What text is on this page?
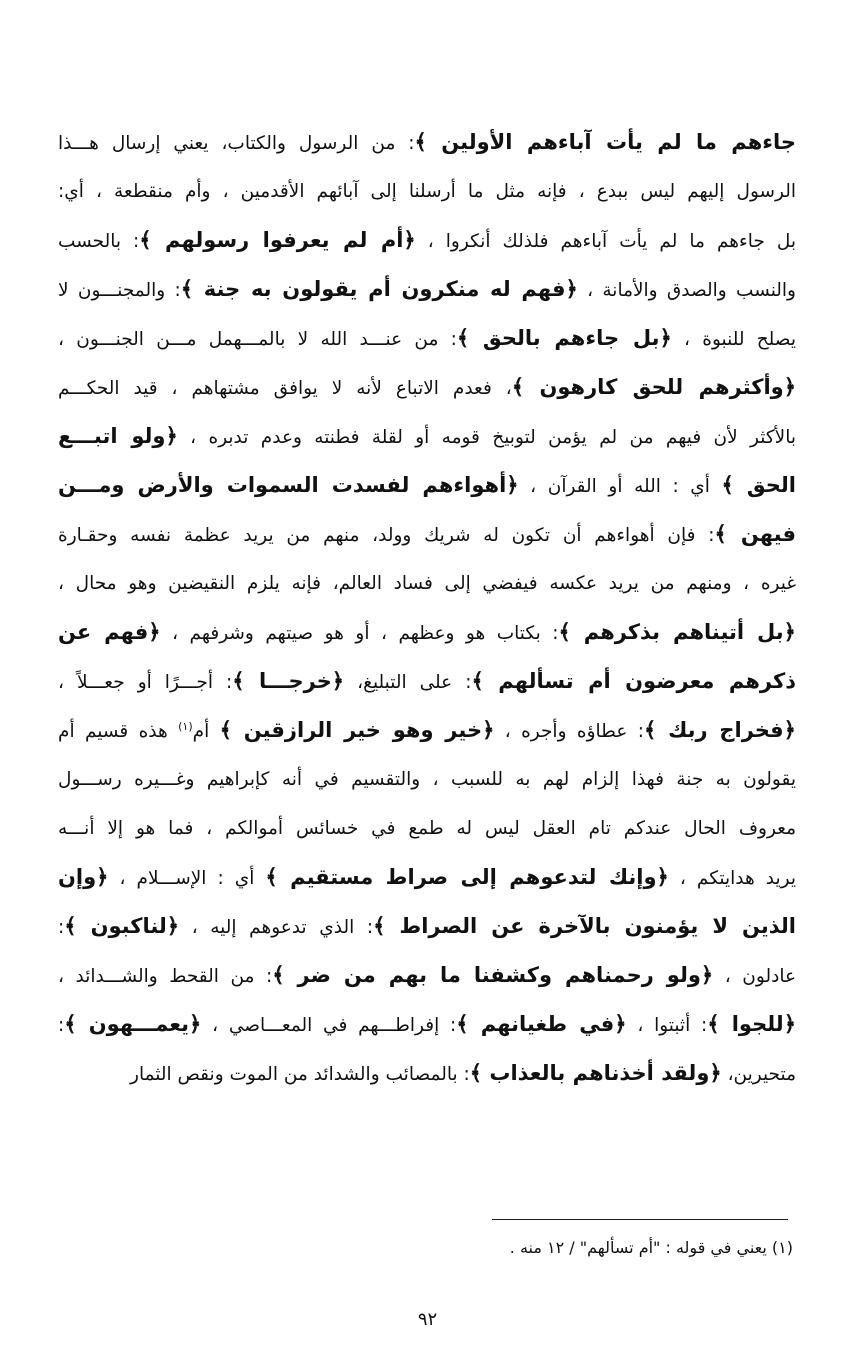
جاءهم ما لم يأت آباءهم الأولين ﴾: من الرسول والكتاب، يعني إرسال هـــذا
الرسول إليهم ليس ببدع ، فإنه مثل ما أرسلنا إلى آبائهم الأقدمين ، وأم منقطعة ، أي:
بل جاءهم ما لم يأت آباءهم فلذلك أنكروا ، ﴿أم لم يعرفوا رسولهم ﴾: بالحسب
والنسب والصدق والأمانة ، ﴿فهم له منكرون أم يقولون به جنة ﴾: والمجنـــون لا
يصلح للنبوة ، ﴿بل جاءهم بالحق ﴾: من عنـــد الله لا بالمـــهمل مـــن الجنـــون ،
﴿وأكثرهم للحق كارهون ﴾، فعدم الاتباع لأنه لا يوافق مشتهاهم ، قيد الحكـــم
بالأكثر لأن فيهم من لم يؤمن لتوبيخ قومه أو لقلة فطنته وعدم تدبره ، ﴿ولو اتبـــع
الحق ﴾ أي : الله أو القرآن ، ﴿أهواءهم لفسدت السموات والأرض ومـــن
فيهن ﴾: فإن أهواءهم أن تكون له شريك وولد، منهم من يريد عظمة نفسه وحقـارة
غيره ، ومنهم من يريد عكسه فيفضي إلى فساد العالم، فإنه يلزم النقيضين وهو محال ،
﴿بل أتيناهم بذكرهم ﴾: بكتاب هو وعظهم ، أو هو صيتهم وشرفهم ، ﴿فهم عن
ذكرهم معرضون أم تسألهم ﴾: على التبليغ، ﴿خرجـــا ﴾: أجـــرًا أو جعـــلاً ،
﴿فخراج ربك ﴾: عطاؤه وأجره ، ﴿خير وهو خير الرازقين ﴾ أم$^{(١)}$ هذه قسيم أم
يقولون به جنة فهذا إلزام لهم به للسبب ، والتقسيم في أنه كإبراهيم وغـــيره رســـول
معروف الحال عندكم تام العقل ليس له طمع في خسائس أموالكم ، فما هو إلا أنـــه
يريد هدايتكم ، ﴿وإنك لتدعوهم إلى صراط مستقيم ﴾ أي : الإســـلام ، ﴿وإن
الذين لا يؤمنون بالآخرة عن الصراط ﴾: الذي تدعوهم إليه ، ﴿لناكبون ﴾:
عادلون ، ﴿ولو رحمناهم وكشفنا ما بهم من ضر ﴾: من القحط والشـــدائد ،
﴿للجوا ﴾: أثبتوا ، ﴿في طغيانهم ﴾: إفراطـــهم في المعـــاصي ، ﴿يعمـــهون ﴾:
متحيرين، ﴿ولقد أخذناهم بالعذاب ﴾: بالمصائب والشدائد من الموت ونقص الثمار
(١) يعني في قوله : "أم تسألهم" / ١٢ منه .
٩٢
